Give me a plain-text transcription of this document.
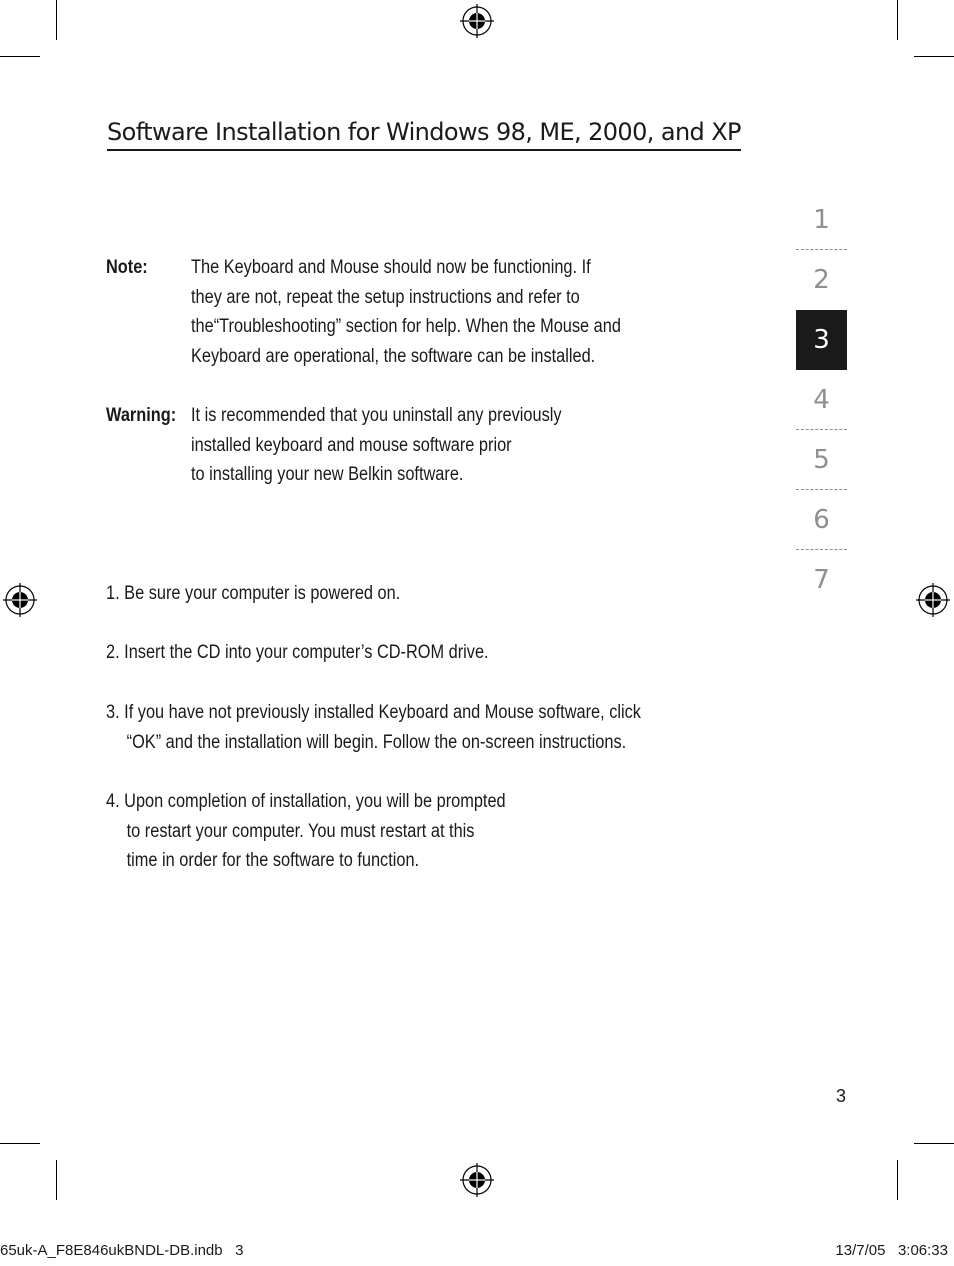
Software Installation for Windows 98, ME, 2000, and XP
Note: The Keyboard and Mouse should now be functioning. If
they are not, repeat the setup instructions and refer to
the“Troubleshooting” section for help. When the Mouse and
Keyboard are operational, the software can be installed.
Warning: It is recommended that you uninstall any previously
installed keyboard and mouse software prior
to installing your new Belkin software.
1. Be sure your computer is powered on.
2. Insert the CD into your computer’s CD-ROM drive.
3. If you have not previously installed Keyboard and Mouse software, click
“OK” and the installation will begin. Follow the on-screen instructions.
4. Upon completion of installation, you will be prompted
to restart your computer. You must restart at this
time in order for the software to function.
1
2
3
4
5
6
7
3
65uk-A_F8E846ukBNDL-DB.indb   3	13/7/05   3:06:33
